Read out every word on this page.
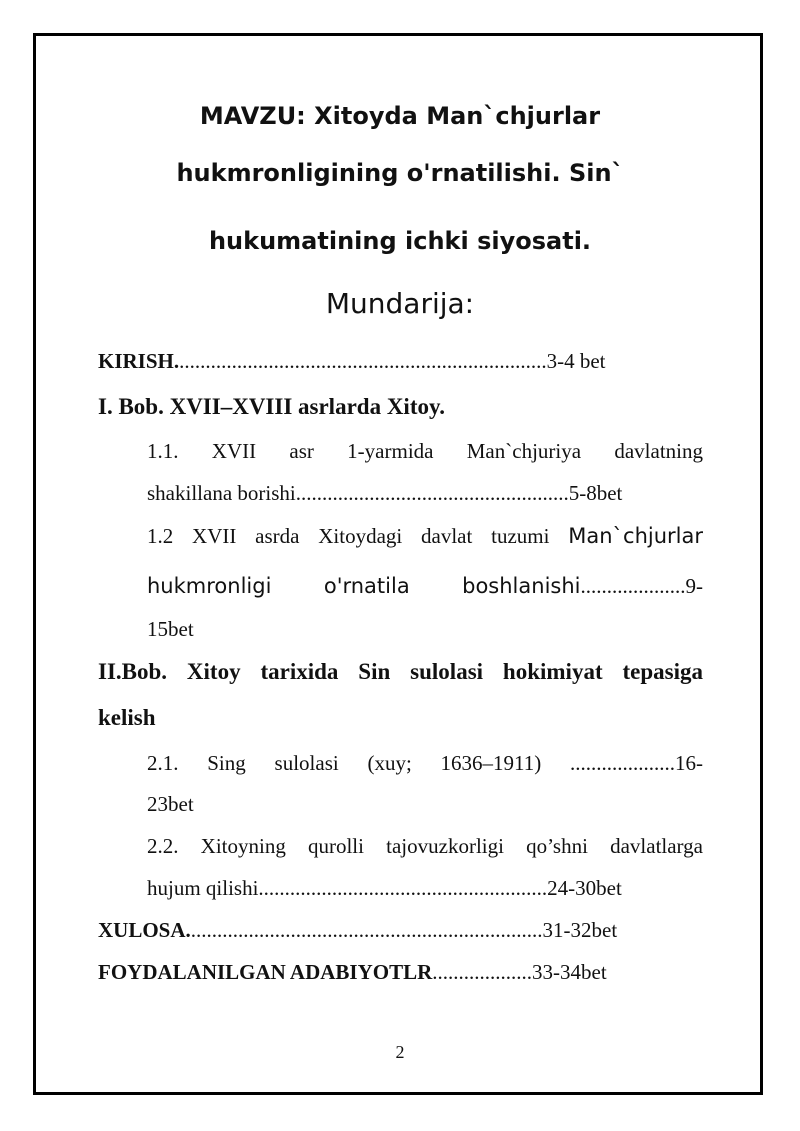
MAVZU: Xitoyda Man`chjurlar
hukmronligining o'rnatilishi. Sin`
hukumatining ichki siyosati.
Mundarija:
KIRISH.......................................................................3-4 bet
I. Bob. XVII–XVIII asrlarda Xitoy.
1.1. XVII asr 1-yarmida Man`chjuriya davlatning
shakillana borishi....................................................5-8bet
1.2 XVII asrda Xitoydagi davlat tuzumi Man`chjurlar
hukmronligi o'rnatila boshlanishi....................9-
15bet
II.Bob. Xitoy tarixida Sin sulolasi hokimiyat tepasiga
kelish
2.1. Sing sulolasi (xuy; 1636–1911) ....................16-
23bet
2.2. Xitoyning qurolli tajovuzkorligi qo’shni davlatlarga
hujum qilishi.......................................................24-30bet
XULOSA....................................................................31-32bet
FOYDALANILGAN ADABIYOTLR...................33-34bet
2
